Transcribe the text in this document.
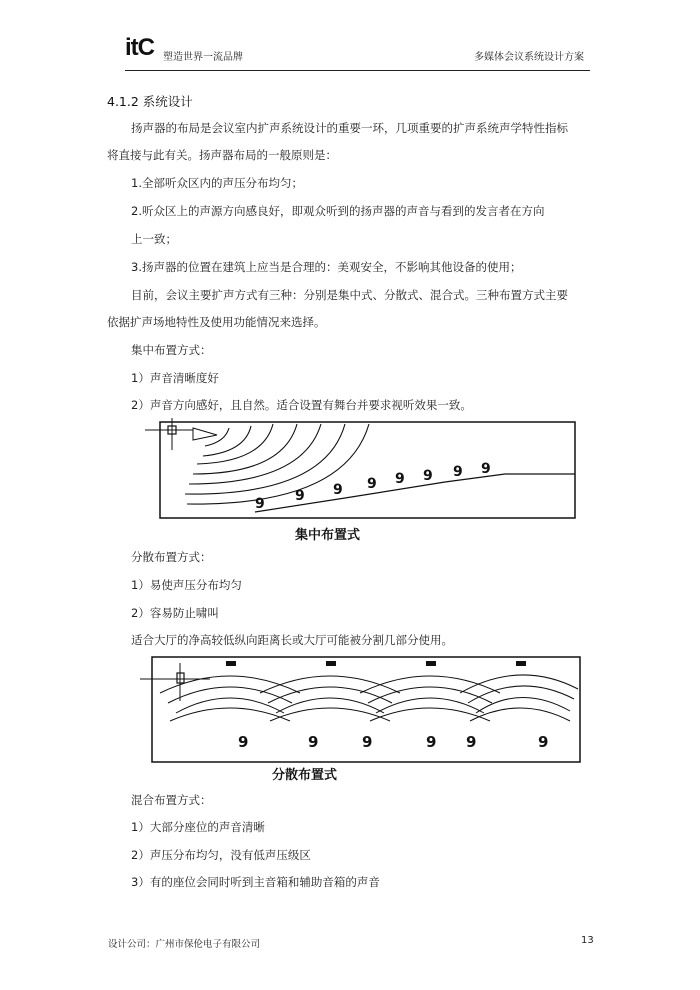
itC 塑造世界一流品牌	多媒体会议系统设计方案
4.1.2 系统设计
扬声器的布局是会议室内扩声系统设计的重要一环，几项重要的扩声系统声学特性指标
将直接与此有关。扬声器布局的一般原则是：
1.全部听众区内的声压分布均匀；
2.听众区上的声源方向感良好，即观众听到的扬声器的声音与看到的发言者在方向
上一致；
3.扬声器的位置在建筑上应当是合理的：美观安全，不影响其他设备的使用；
目前，会议主要扩声方式有三种：分别是集中式、分散式、混合式。三种布置方式主要
依据扩声场地特性及使用功能情况来选择。
集中布置方式：
1）声音清晰度好
2）声音方向感好，且自然。适合设置有舞台并要求视听效果一致。
9 9 9 9 9 9 9 9
集中布置式
分散布置方式：
1）易使声压分布均匀
2）容易防止啸叫
适合大厅的净高较低纵向距离长或大厅可能被分割几部分使用。
9	9	9	9 9	9
分散布置式
混合布置方式：
1）大部分座位的声音清晰
2）声压分布均匀，没有低声压级区
3）有的座位会同时听到主音箱和辅助音箱的声音
设计公司：广州市保伦电子有限公司	13
